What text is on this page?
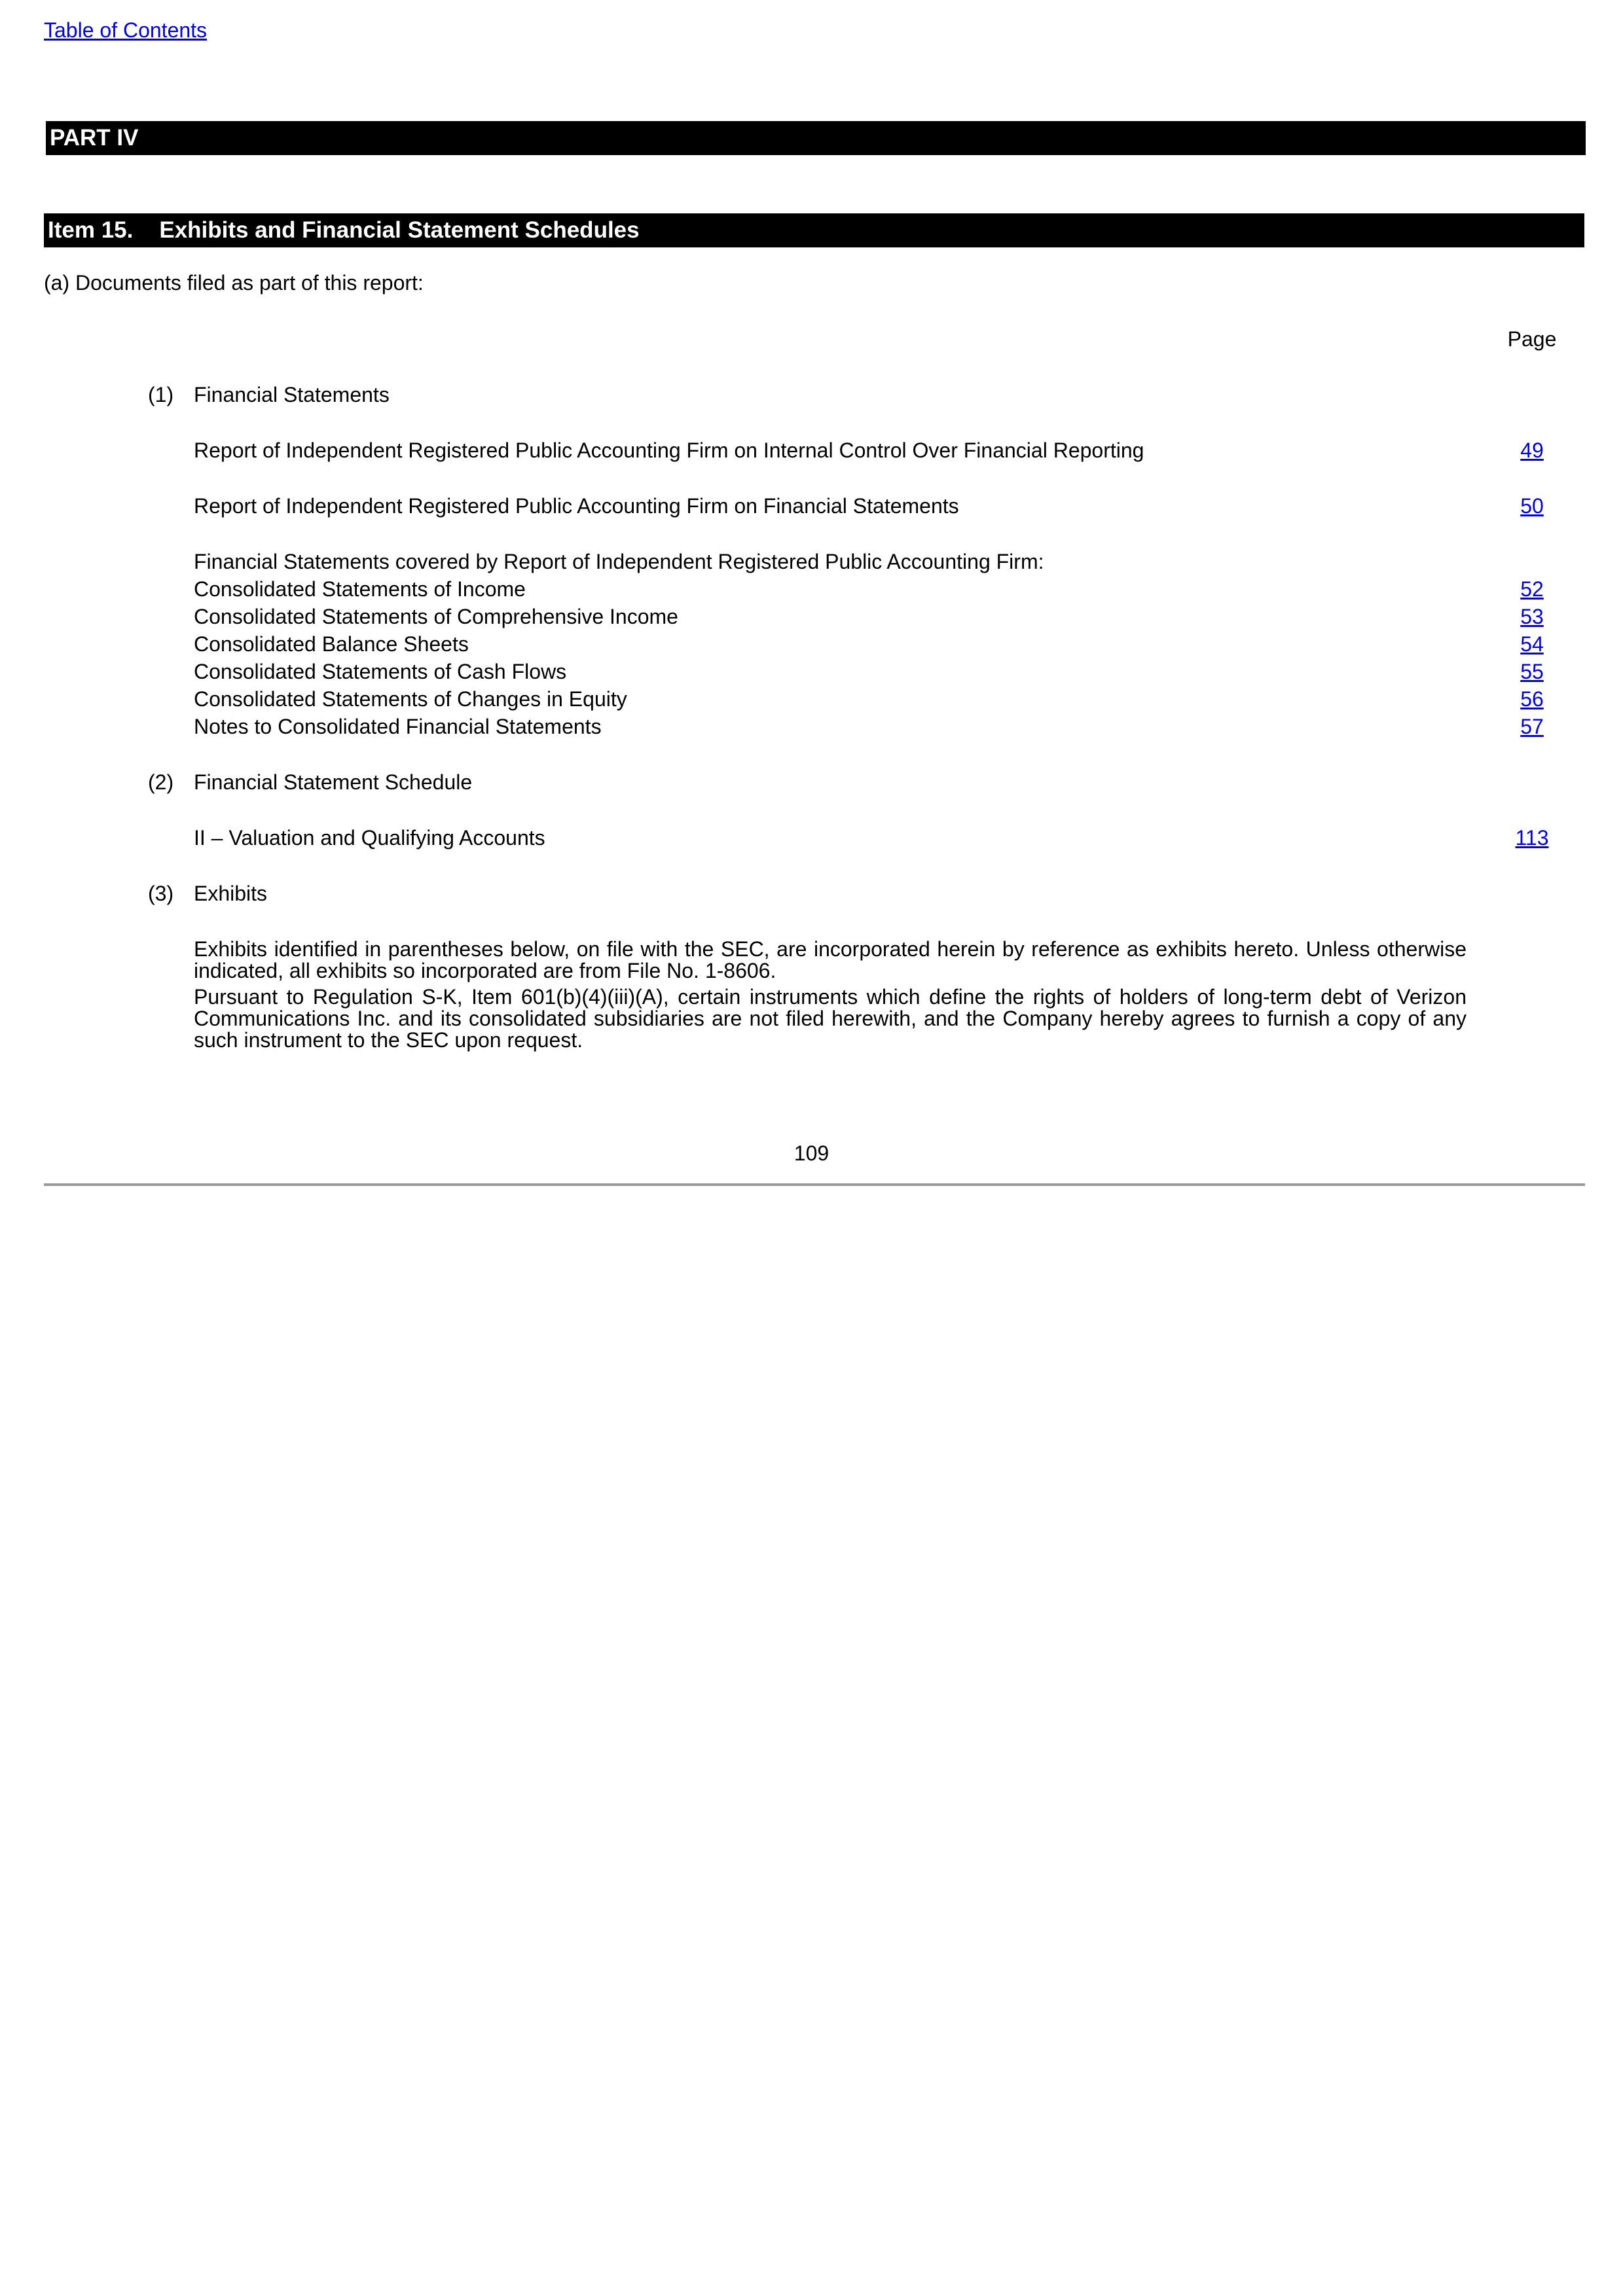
Table of Contents
PART IV
Item 15. Exhibits and Financial Statement Schedules
(a) Documents filed as part of this report:
Page
(1) Financial Statements
Report of Independent Registered Public Accounting Firm on Internal Control Over Financial Reporting	49
Report of Independent Registered Public Accounting Firm on Financial Statements	50
Financial Statements covered by Report of Independent Registered Public Accounting Firm:
Consolidated Statements of Income	52
Consolidated Statements of Comprehensive Income	53
Consolidated Balance Sheets	54
Consolidated Statements of Cash Flows	55
Consolidated Statements of Changes in Equity	56
Notes to Consolidated Financial Statements	57
(2) Financial Statement Schedule
II – Valuation and Qualifying Accounts	113
(3) Exhibits
Exhibits identified in parentheses below, on file with the SEC, are incorporated herein by reference as exhibits hereto. Unless otherwise indicated, all exhibits so incorporated are from File No. 1-8606.
Pursuant to Regulation S-K, Item 601(b)(4)(iii)(A), certain instruments which define the rights of holders of long-term debt of Verizon Communications Inc. and its consolidated subsidiaries are not filed herewith, and the Company hereby agrees to furnish a copy of any such instrument to the SEC upon request.
109
